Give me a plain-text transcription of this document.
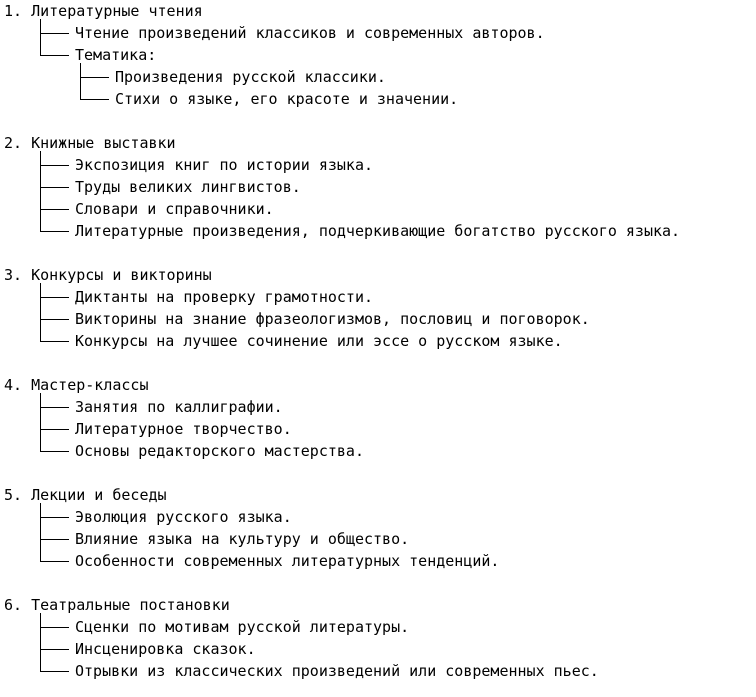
1. Литературные чтения
Чтение произведений классиков и современных авторов.
Тематика:
Произведения русской классики.
Стихи о языке, его красоте и значении.
2. Книжные выставки
Экспозиция книг по истории языка.
Труды великих лингвистов.
Словари и справочники.
Литературные произведения, подчеркивающие богатство русского языка.
3. Конкурсы и викторины
Диктанты на проверку грамотности.
Викторины на знание фразеологизмов, пословиц и поговорок.
Конкурсы на лучшее сочинение или эссе о русском языке.
4. Мастер-классы
Занятия по каллиграфии.
Литературное творчество.
Основы редакторского мастерства.
5. Лекции и беседы
Эволюция русского языка.
Влияние языка на культуру и общество.
Особенности современных литературных тенденций.
6. Театральные постановки
Сценки по мотивам русской литературы.
Инсценировка сказок.
Отрывки из классических произведений или современных пьес.
